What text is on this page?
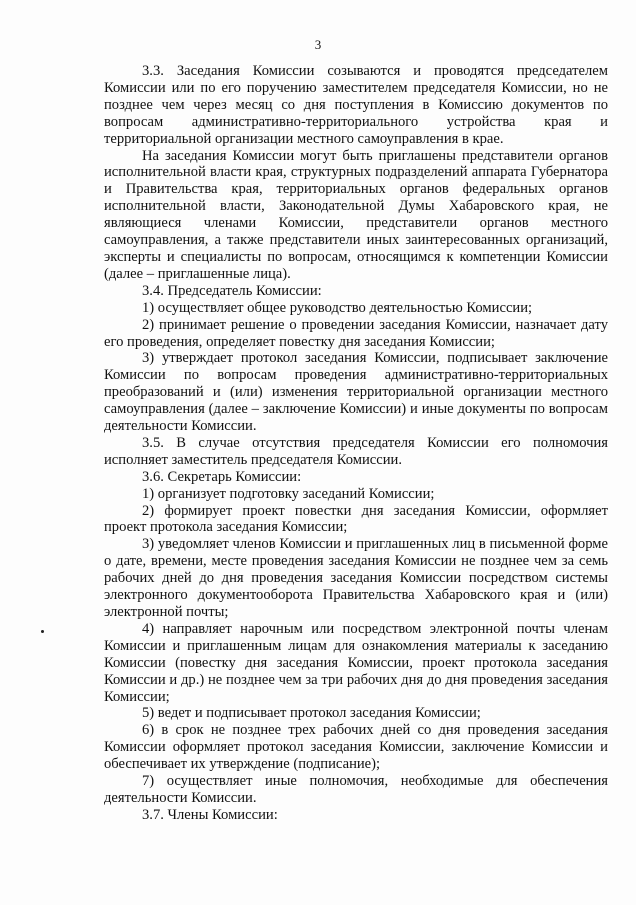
3

3.3. Заседания Комиссии созываются и проводятся председателем Комиссии или по его поручению заместителем председателя Комиссии, но не позднее чем через месяц со дня поступления в Комиссию документов по вопросам административно-территориального устройства края и территориальной организации местного самоуправления в крае.

На заседания Комиссии могут быть приглашены представители органов исполнительной власти края, структурных подразделений аппарата Губернатора и Правительства края, территориальных органов федеральных органов исполнительной власти, Законодательной Думы Хабаровского края, не являющиеся членами Комиссии, представители органов местного самоуправления, а также представители иных заинтересованных организаций, эксперты и специалисты по вопросам, относящимся к компетенции Комиссии (далее – приглашенные лица).

3.4. Председатель Комиссии:

1) осуществляет общее руководство деятельностью Комиссии;

2) принимает решение о проведении заседания Комиссии, назначает дату его проведения, определяет повестку дня заседания Комиссии;

3) утверждает протокол заседания Комиссии, подписывает заключение Комиссии по вопросам проведения административно-территориальных преобразований и (или) изменения территориальной организации местного самоуправления (далее – заключение Комиссии) и иные документы по вопросам деятельности Комиссии.

3.5. В случае отсутствия председателя Комиссии его полномочия исполняет заместитель председателя Комиссии.

3.6. Секретарь Комиссии:

1) организует подготовку заседаний Комиссии;

2) формирует проект повестки дня заседания Комиссии, оформляет проект протокола заседания Комиссии;

3) уведомляет членов Комиссии и приглашенных лиц в письменной форме о дате, времени, месте проведения заседания Комиссии не позднее чем за семь рабочих дней до дня проведения заседания Комиссии посредством системы электронного документооборота Правительства Хабаровского края и (или) электронной почты;

4) направляет нарочным или посредством электронной почты членам Комиссии и приглашенным лицам для ознакомления материалы к заседанию Комиссии (повестку дня заседания Комиссии, проект протокола заседания Комиссии и др.) не позднее чем за три рабочих дня до дня проведения заседания Комиссии;

5) ведет и подписывает протокол заседания Комиссии;

6) в срок не позднее трех рабочих дней со дня проведения заседания Комиссии оформляет протокол заседания Комиссии, заключение Комиссии и обеспечивает их утверждение (подписание);

7) осуществляет иные полномочия, необходимые для обеспечения деятельности Комиссии.

3.7. Члены Комиссии:
